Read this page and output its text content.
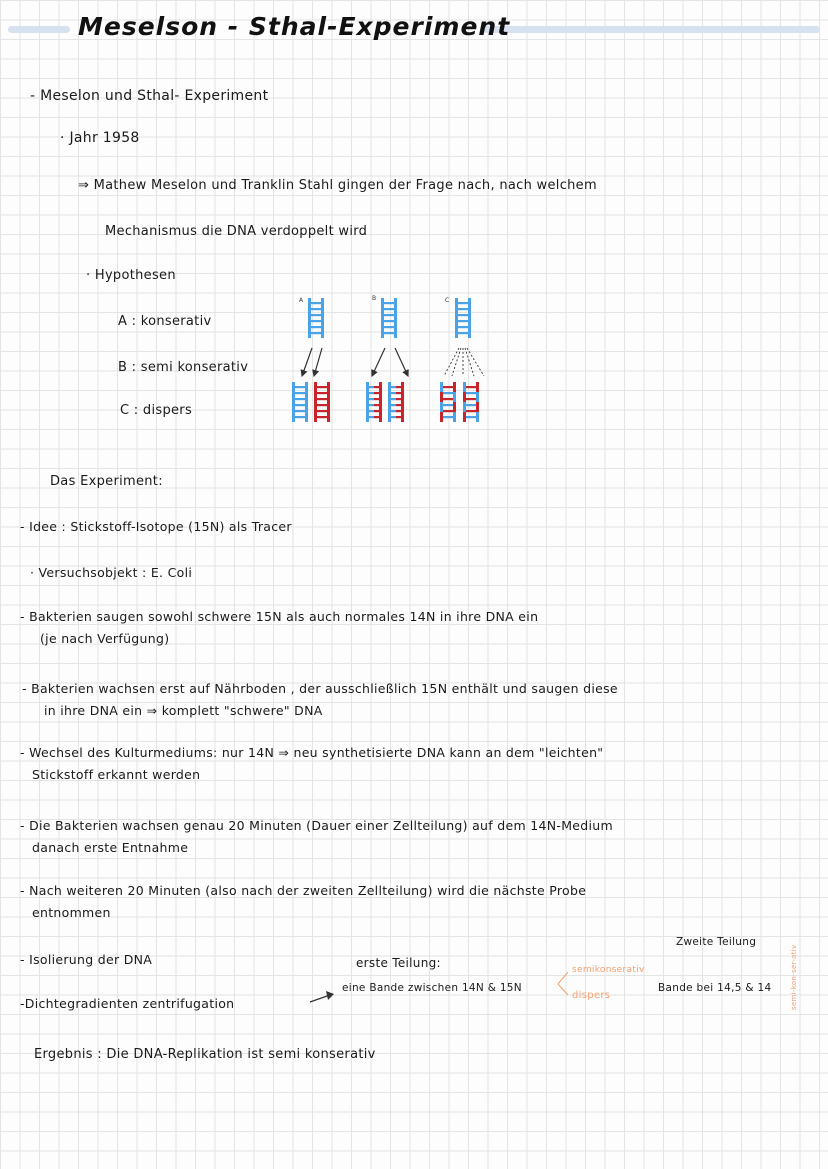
Meselson - Sthal-Experiment
- Meselon und Sthal- Experiment
· Jahr 1958
⇒ Mathew Meselon und Tranklin Stahl gingen der Frage nach, nach welchem
Mechanismus die DNA verdoppelt wird
· Hypothesen
A : konserativ
B : semi konserativ
C : dispers
A	B	C
Das Experiment:
- Idee : Stickstoff-Isotope (15N) als Tracer
· Versuchsobjekt : E. Coli
- Bakterien saugen sowohl schwere 15N als auch normales 14N in ihre DNA ein
(je nach Verfügung)
- Bakterien wachsen erst auf Nährboden , der ausschließlich 15N enthält und saugen diese
in ihre DNA ein ⇒ komplett "schwere" DNA
- Wechsel des Kulturmediums: nur 14N ⇒ neu synthetisierte DNA kann an dem "leichten"
Stickstoff erkannt werden
- Die Bakterien wachsen genau 20 Minuten (Dauer einer Zellteilung) auf dem 14N-Medium
danach erste Entnahme
- Nach weiteren 20 Minuten (also nach der zweiten Zellteilung) wird die nächste Probe
entnommen
- Isolierung der DNA
-Dichtegradienten zentrifugation
erste Teilung:
eine Bande zwischen 14N & 15N
semikonserativ
dispers
Zweite Teilung
Bande bei 14,5 & 14	semi-kon-ser-ativ
Ergebnis : Die DNA-Replikation ist semi konserativ
